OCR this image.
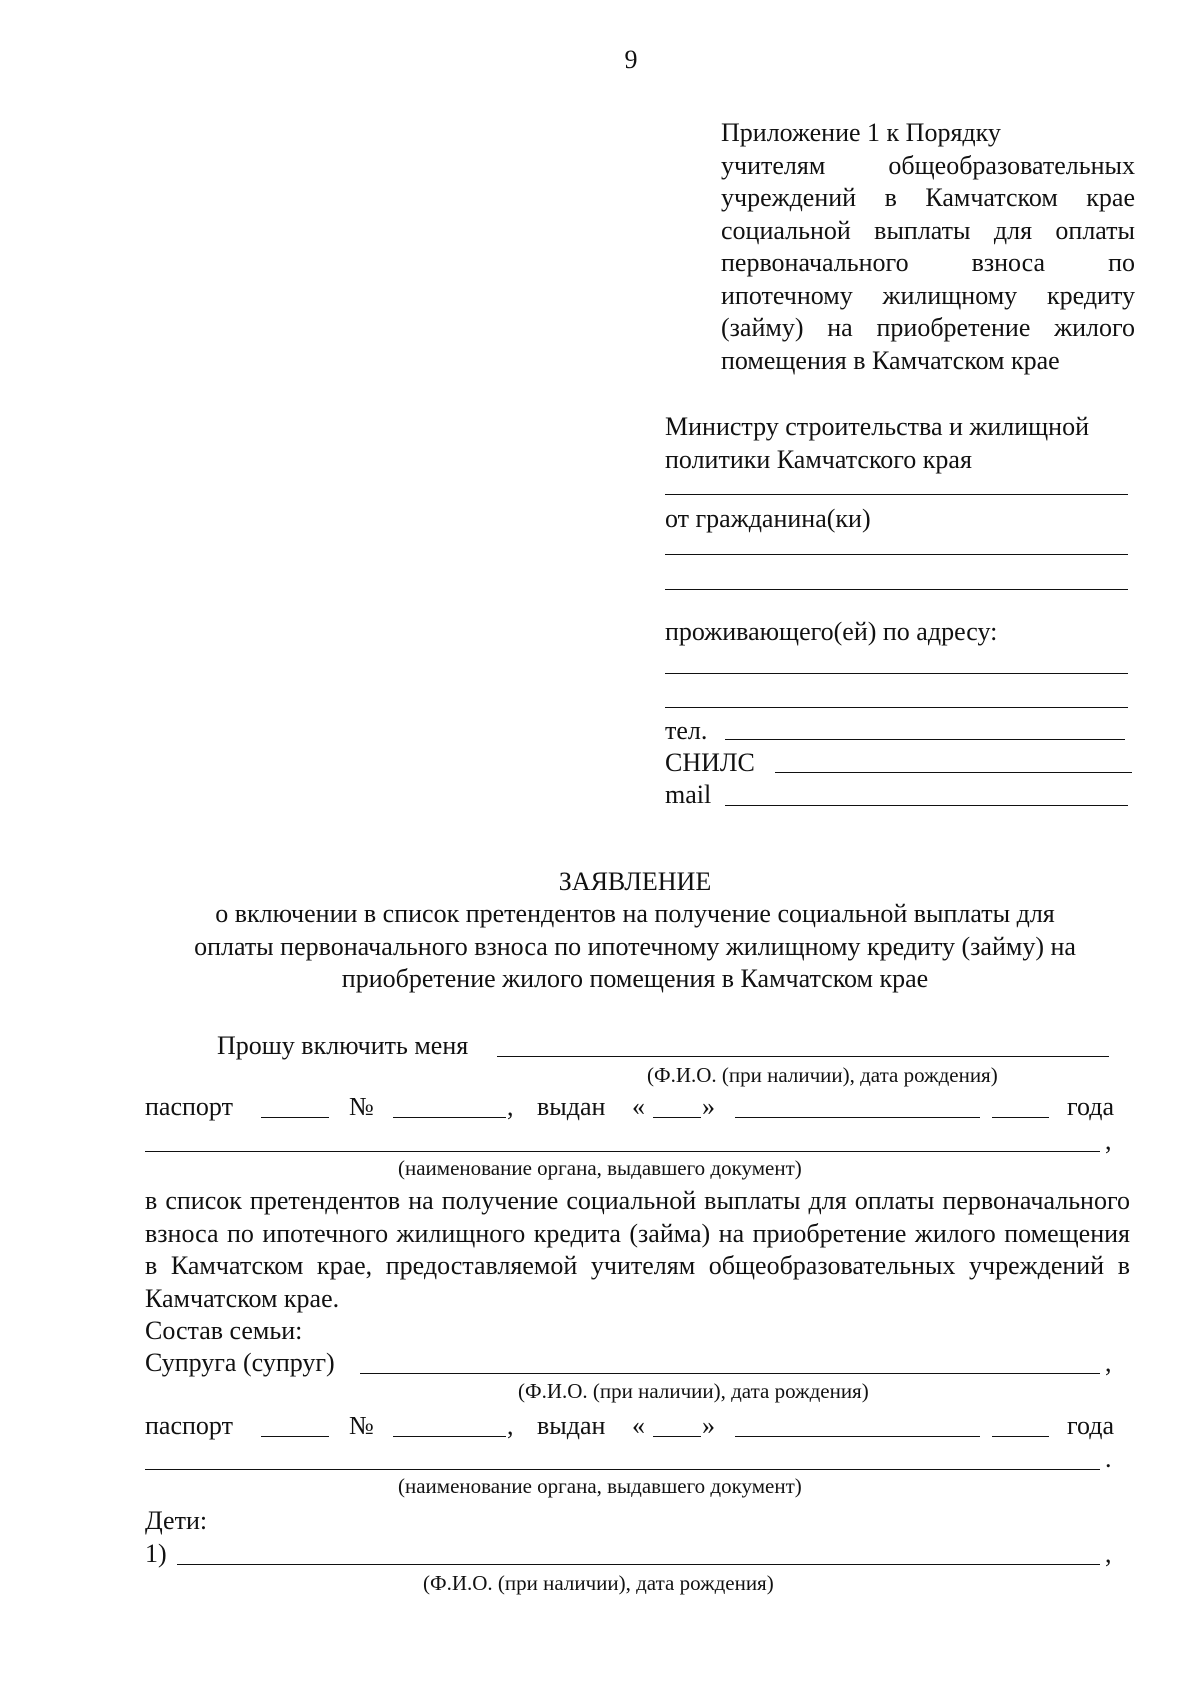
9
Приложение 1 к Порядку
учителям общеобразовательных учреждений в Камчатском крае социальной выплаты для оплаты первоначального взноса по ипотечному жилищному кредиту (займу) на приобретение жилого помещения в Камчатском крае
Министру строительства и жилищной
политики Камчатского края
от гражданина(ки)
проживающего(ей) по адресу:
тел.
СНИЛС
mail
ЗАЯВЛЕНИЕ
о включении в список претендентов на получение социальной выплаты для
оплаты первоначального взноса по ипотечному жилищному кредиту (займу) на
приобретение жилого помещения в Камчатском крае
Прошу включить меня
(Ф.И.О. (при наличии), дата рождения)
паспорт	№	, выдан « »	года
,
(наименование органа, выдавшего документ)
в список претендентов на получение социальной выплаты для оплаты первоначального взноса по ипотечного жилищного кредита (займа) на приобретение жилого помещения в Камчатском крае, предоставляемой учителям общеобразовательных учреждений в Камчатском крае.
Состав семьи:
Супруга (супруг)	,
(Ф.И.О. (при наличии), дата рождения)
паспорт	№	, выдан « »	года
.
(наименование органа, выдавшего документ)
Дети:
1)	,
(Ф.И.О. (при наличии), дата рождения)
